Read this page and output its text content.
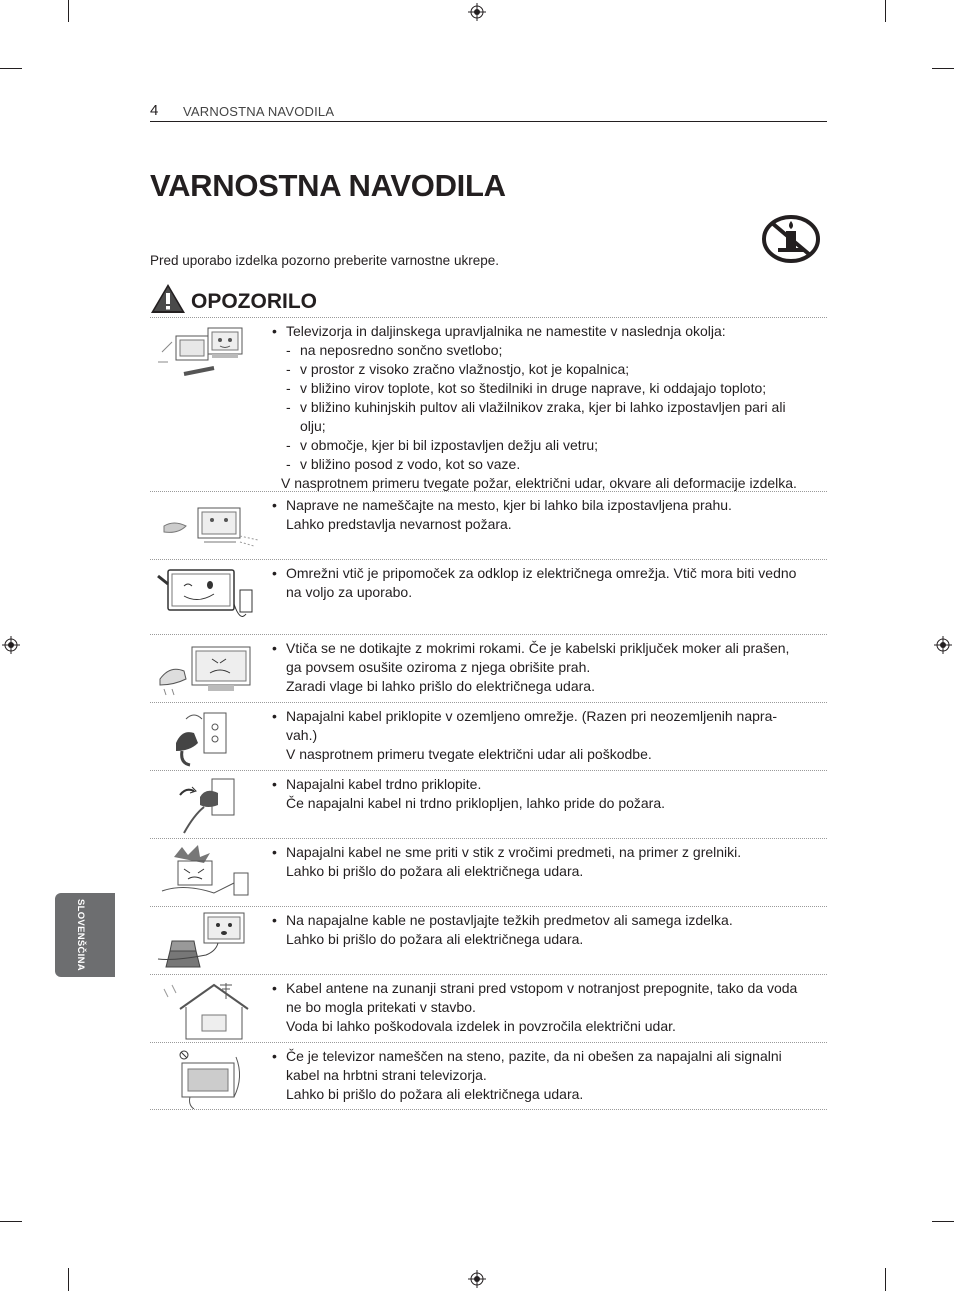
4 VARNOSTNA NAVODILA
VARNOSTNA NAVODILA
Pred uporabo izdelka pozorno preberite varnostne ukrepe.
OPOZORILO
• Televizorja in daljinskega upravljalnika ne namestite v naslednja okolja:
- na neposredno sončno svetlobo;
- v prostor z visoko zračno vlažnostjo, kot je kopalnica;
- v bližino virov toplote, kot so štedilniki in druge naprave, ki oddajajo toploto;
- v bližino kuhinjskih pultov ali vlažilnikov zraka, kjer bi lahko izpostavljen pari ali
olju;
- v območje, kjer bi bil izpostavljen dežju ali vetru;
- v bližino posod z vodo, kot so vaze.
V nasprotnem primeru tvegate požar, električni udar, okvare ali deformacije izdelka.
• Naprave ne nameščajte na mesto, kjer bi lahko bila izpostavljena prahu.
Lahko predstavlja nevarnost požara.
• Omrežni vtič je pripomoček za odklop iz električnega omrežja. Vtič mora biti vedno
na voljo za uporabo.
• Vtiča se ne dotikajte z mokrimi rokami. Če je kabelski priključek moker ali prašen,
ga povsem osušite oziroma z njega obrišite prah.
Zaradi vlage bi lahko prišlo do električnega udara.
• Napajalni kabel priklopite v ozemljeno omrežje. (Razen pri neozemljenih napra-
vah.)
V nasprotnem primeru tvegate električni udar ali poškodbe.
• Napajalni kabel trdno priklopite.
Če napajalni kabel ni trdno priklopljen, lahko pride do požara.
• Napajalni kabel ne sme priti v stik z vročimi predmeti, na primer z grelniki.
Lahko bi prišlo do požara ali električnega udara.
• Na napajalne kable ne postavljajte težkih predmetov ali samega izdelka.
Lahko bi prišlo do požara ali električnega udara.
• Kabel antene na zunanji strani pred vstopom v notranjost prepognite, tako da voda
ne bo mogla pritekati v stavbo.
Voda bi lahko poškodovala izdelek in povzročila električni udar.
• Če je televizor nameščen na steno, pazite, da ni obešen za napajalni ali signalni
kabel na hrbtni strani televizorja.
Lahko bi prišlo do požara ali električnega udara.
SLOVENŠČINA
